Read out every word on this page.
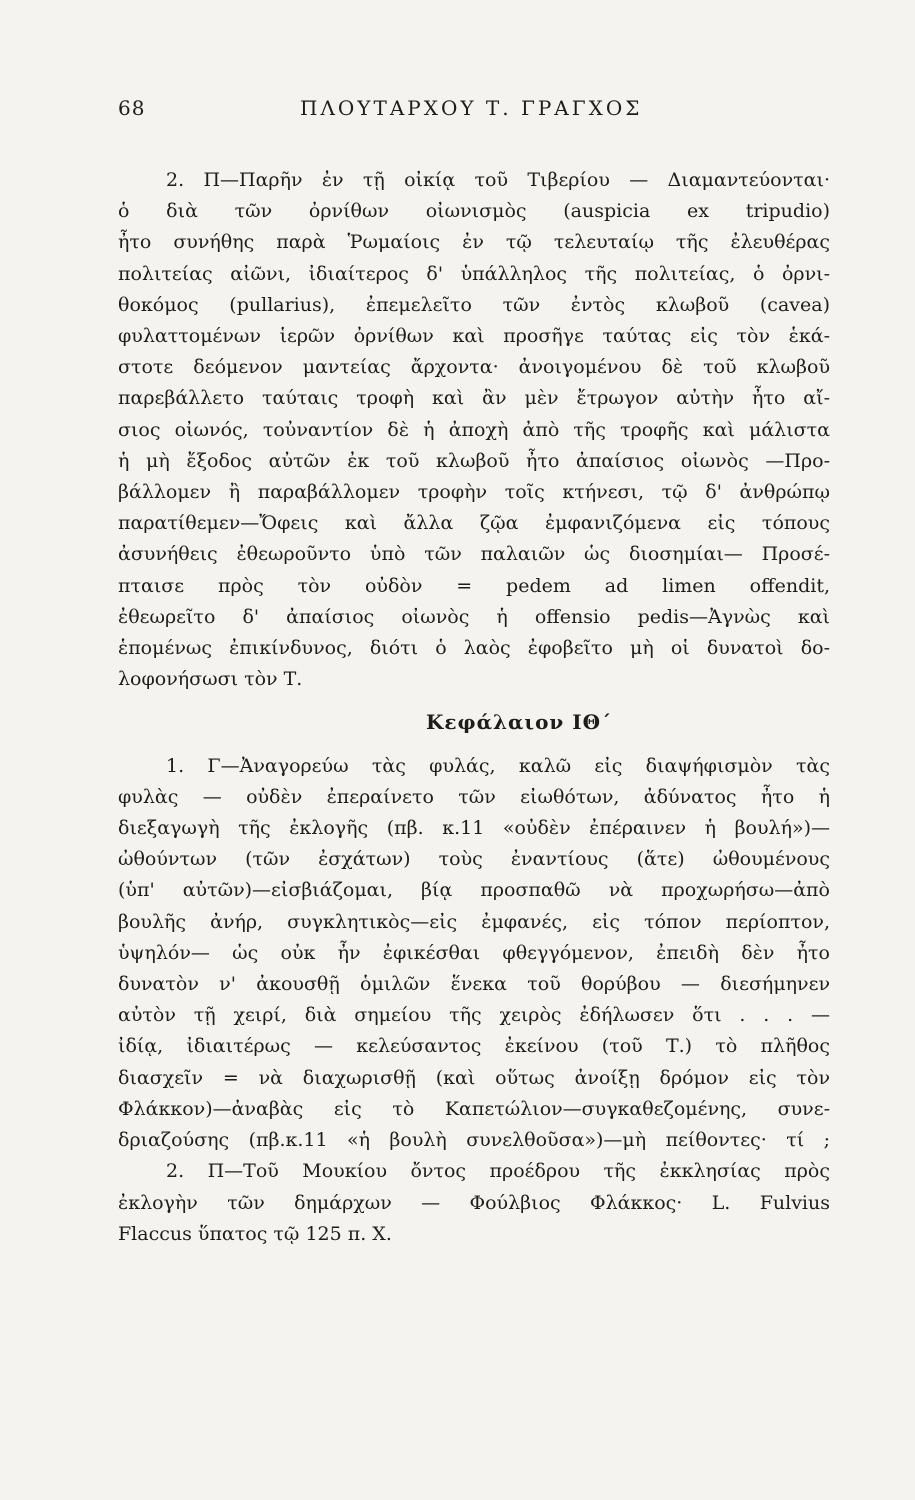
68	ΠΛΟΥΤΑΡΧΟΥ Τ. ΓΡΑΓΧΟΣ
2. Π—Παρῆν ἐν τῇ οἰκίᾳ τοῦ Τιβερίου — Διαμαντεύονται·
ὁ διὰ τῶν ὀρνίθων οἰωνισμὸς (auspicia ex tripudio)
ἦτο συνήθης παρὰ Ῥωμαίοις ἐν τῷ τελευταίῳ τῆς ἐλευθέρας
πολιτείας αἰῶνι, ἰδιαίτερος δ' ὑπάλληλος τῆς πολιτείας, ὁ ὀρνι-
θοκόμος (pullarius), ἐπεμελεῖτο τῶν ἐντὸς κλωβοῦ (cavea)
φυλαττομένων ἱερῶν ὀρνίθων καὶ προσῆγε ταύτας εἰς τὸν ἑκά-
στοτε δεόμενον μαντείας ἄρχοντα· ἀνοιγομένου δὲ τοῦ κλωβοῦ
παρεβάλλετο ταύταις τροφὴ καὶ ἂν μὲν ἔτρωγον αὐτὴν ἦτο αἴ-
σιος οἰωνός, τοὐναντίον δὲ ἡ ἀποχὴ ἀπὸ τῆς τροφῆς καὶ μάλιστα
ἡ μὴ ἔξοδος αὐτῶν ἐκ τοῦ κλωβοῦ ἦτο ἀπαίσιος οἰωνὸς —Προ-
βάλλομεν ἢ παραβάλλομεν τροφὴν τοῖς κτήνεσι, τῷ δ' ἀνθρώπῳ
παρατίθεμεν—Ὄφεις καὶ ἄλλα ζῷα ἐμφανιζόμενα εἰς τόπους
ἀσυνήθεις ἐθεωροῦντο ὑπὸ τῶν παλαιῶν ὡς διοσημίαι— Προσέ-
πταισε πρὸς τὸν οὐδὸν = pedem ad limen offendit,
ἐθεωρεῖτο δ' ἀπαίσιος οἰωνὸς ἡ offensio pedis—Ἀγνὼς καὶ
ἑπομένως ἐπικίνδυνος, διότι ὁ λαὸς ἐφοβεῖτο μὴ οἱ δυνατοὶ δο-
λοφονήσωσι τὸν Τ.
Κεφάλαιον ΙΘ΄
1. Γ—Ἀναγορεύω τὰς φυλάς, καλῶ εἰς διαψήφισμὸν τὰς
φυλὰς — οὐδὲν ἐπεραίνετο τῶν εἰωθότων, ἀδύνατος ἦτο ἡ
διεξαγωγὴ τῆς ἐκλογῆς (πβ. κ.11 «οὐδὲν ἐπέραινεν ἡ βουλή»)—
ὠθούντων (τῶν ἐσχάτων) τοὺς ἐναντίους (ἅτε) ὠθουμένους
(ὑπ' αὐτῶν)—εἰσβιάζομαι, βίᾳ προσπαθῶ νὰ προχωρήσω—ἀπὸ
βουλῆς ἀνήρ, συγκλητικὸς—εἰς ἐμφανές, εἰς τόπον περίοπτον,
ὑψηλόν— ὡς οὐκ ἦν ἐφικέσθαι φθεγγόμενον, ἐπειδὴ δὲν ἦτο
δυνατὸν ν' ἀκουσθῇ ὁμιλῶν ἕνεκα τοῦ θορύβου — διεσήμηνεν
αὐτὸν τῇ χειρί, διὰ σημείου τῆς χειρὸς ἐδήλωσεν ὅτι . . . —
ἰδίᾳ, ἰδιαιτέρως — κελεύσαντος ἐκείνου (τοῦ Τ.) τὸ πλῆθος
διασχεῖν = νὰ διαχωρισθῇ (καὶ οὕτως ἀνοίξῃ δρόμον εἰς τὸν
Φλάκκον)—ἀναβὰς εἰς τὸ Καπετώλιον—συγκαθεζομένης, συνε-
δριαζούσης (πβ.κ.11 «ἡ βουλὴ συνελθοῦσα»)—μὴ πείθοντες· τί ;
2. Π—Τοῦ Μουκίου ὄντος προέδρου τῆς ἐκκλησίας πρὸς
ἐκλογὴν τῶν δημάρχων — Φούλβιος Φλάκκος· L. Fulvius
Flaccus ὕπατος τῷ 125 π. Χ.
